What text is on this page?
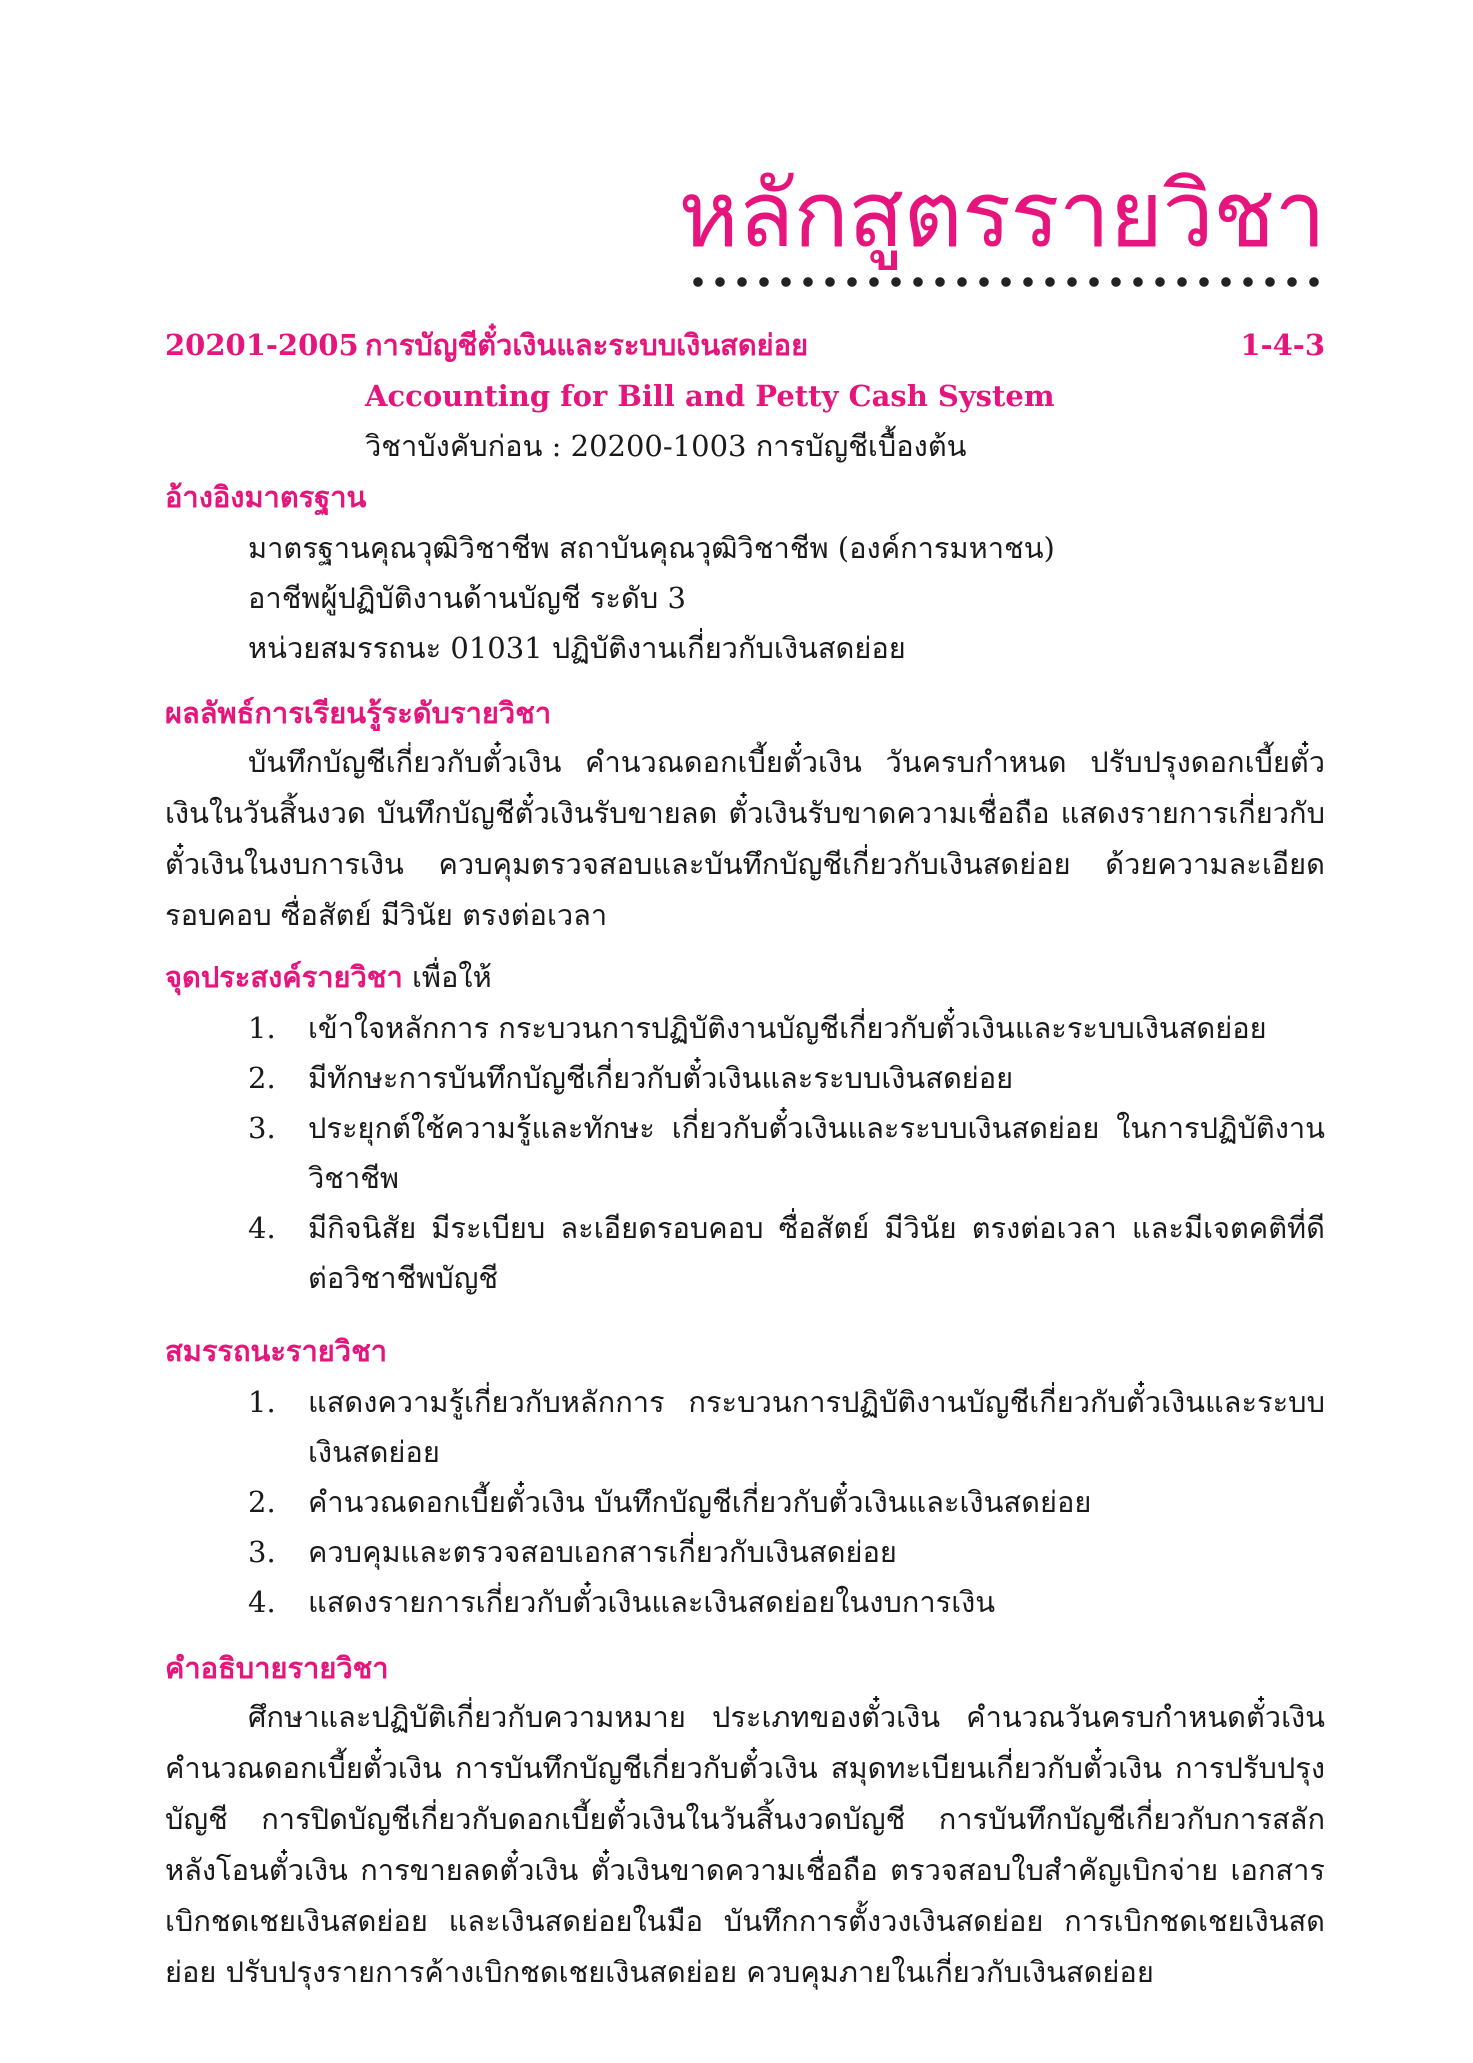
หลักสูตรรายวิชา
20201-2005 การบัญชีตั๋วเงินและระบบเงินสดย่อย	1-4-3
Accounting for Bill and Petty Cash System
วิชาบังคับก่อน : 20200-1003 การบัญชีเบื้องต้น
อ้างอิงมาตรฐาน
มาตรฐานคุณวุฒิวิชาชีพ สถาบันคุณวุฒิวิชาชีพ (องค์การมหาชน)
อาชีพผู้ปฏิบัติงานด้านบัญชี ระดับ 3
หน่วยสมรรถนะ 01031 ปฏิบัติงานเกี่ยวกับเงินสดย่อย
ผลลัพธ์การเรียนรู้ระดับรายวิชา

บันทึกบัญชีเกี่ยวกับตั๋วเงิน คำนวณดอกเบี้ยตั๋วเงิน วันครบกำหนด ปรับปรุงดอกเบี้ยตั๋วเงินในวันสิ้นงวด บันทึกบัญชีตั๋วเงินรับขายลด ตั๋วเงินรับขาดความเชื่อถือ แสดงรายการเกี่ยวกับตั๋วเงินในงบการเงิน ควบคุมตรวจสอบและบันทึกบัญชีเกี่ยวกับเงินสดย่อย ด้วยความละเอียดรอบคอบ ซื่อสัตย์ มีวินัย ตรงต่อเวลา

จุดประสงค์รายวิชา เพื่อให้
1. เข้าใจหลักการ กระบวนการปฏิบัติงานบัญชีเกี่ยวกับตั๋วเงินและระบบเงินสดย่อย
2. มีทักษะการบันทึกบัญชีเกี่ยวกับตั๋วเงินและระบบเงินสดย่อย
3. ประยุกต์ใช้ความรู้และทักษะ เกี่ยวกับตั๋วเงินและระบบเงินสดย่อย ในการปฏิบัติงานวิชาชีพ
4. มีกิจนิสัย มีระเบียบ ละเอียดรอบคอบ ซื่อสัตย์ มีวินัย ตรงต่อเวลา และมีเจตคติที่ดีต่อวิชาชีพบัญชี
สมรรถนะรายวิชา
1. แสดงความรู้เกี่ยวกับหลักการ กระบวนการปฏิบัติงานบัญชีเกี่ยวกับตั๋วเงินและระบบเงินสดย่อย
2. คำนวณดอกเบี้ยตั๋วเงิน บันทึกบัญชีเกี่ยวกับตั๋วเงินและเงินสดย่อย
3. ควบคุมและตรวจสอบเอกสารเกี่ยวกับเงินสดย่อย
4. แสดงรายการเกี่ยวกับตั๋วเงินและเงินสดย่อยในงบการเงิน
คำอธิบายรายวิชา

ศึกษาและปฏิบัติเกี่ยวกับความหมาย ประเภทของตั๋วเงิน คำนวณวันครบกำหนดตั๋วเงิน คำนวณดอกเบี้ยตั๋วเงิน การบันทึกบัญชีเกี่ยวกับตั๋วเงิน สมุดทะเบียนเกี่ยวกับตั๋วเงิน การปรับปรุงบัญชี การปิดบัญชีเกี่ยวกับดอกเบี้ยตั๋วเงินในวันสิ้นงวดบัญชี การบันทึกบัญชีเกี่ยวกับการสลักหลังโอนตั๋วเงิน การขายลดตั๋วเงิน ตั๋วเงินขาดความเชื่อถือ ตรวจสอบใบสำคัญเบิกจ่าย เอกสารเบิกชดเชยเงินสดย่อย และเงินสดย่อยในมือ บันทึกการตั้งวงเงินสดย่อย การเบิกชดเชยเงินสดย่อย ปรับปรุงรายการค้างเบิกชดเชยเงินสดย่อย ควบคุมภายในเกี่ยวกับเงินสดย่อย
